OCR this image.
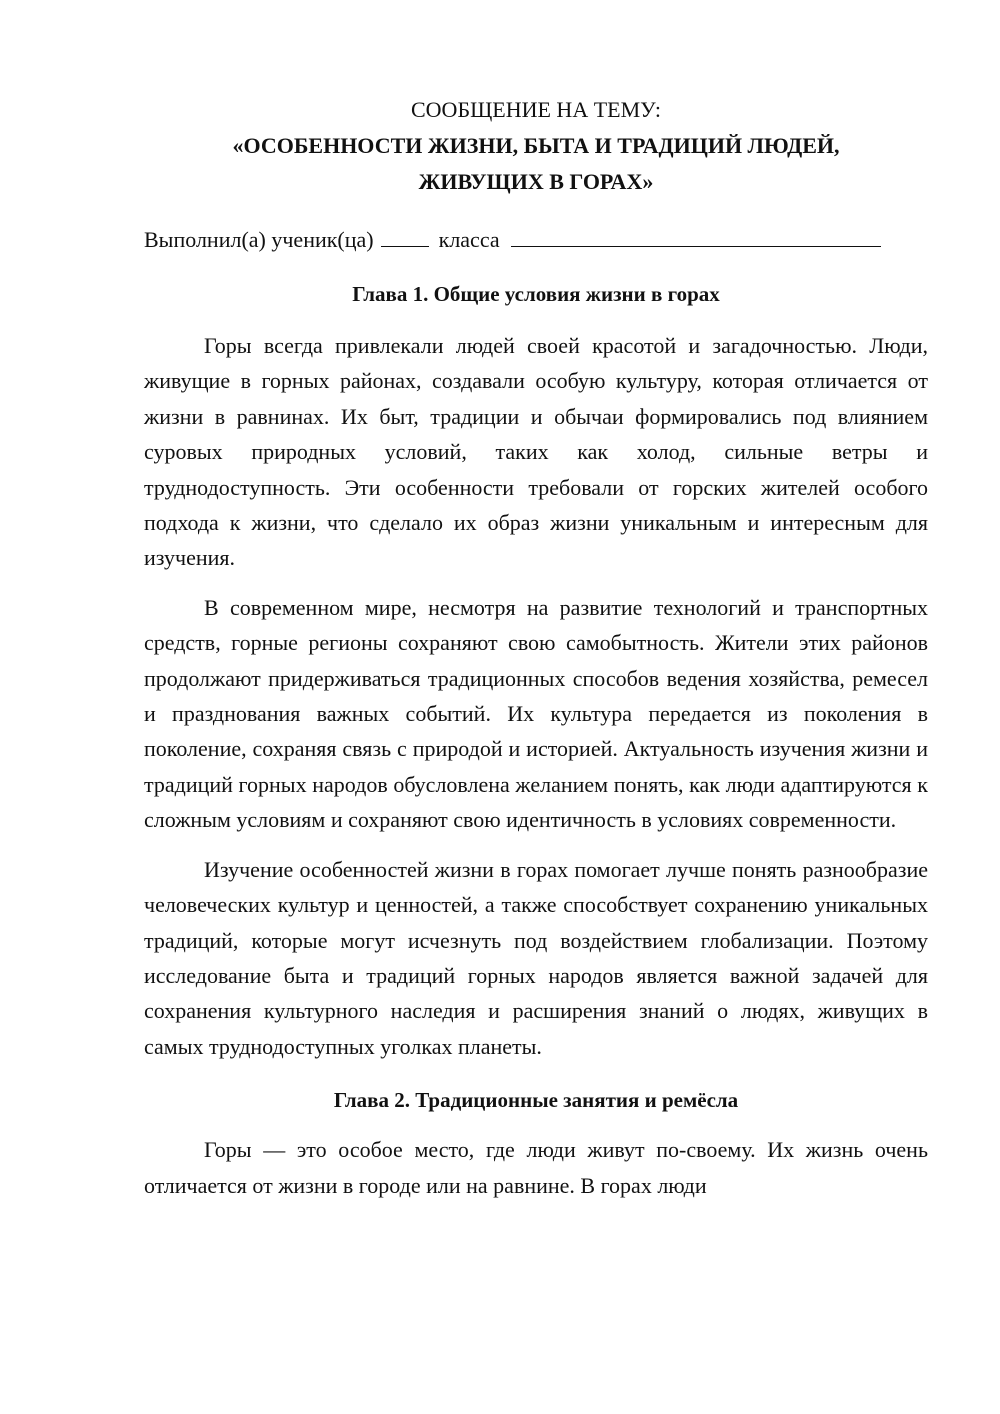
СООБЩЕНИЕ НА ТЕМУ:

«ОСОБЕННОСТИ ЖИЗНИ, БЫТА И ТРАДИЦИЙ ЛЮДЕЙ,

ЖИВУЩИХ В ГОРАХ»

Выполнил(а) ученик(ца)	класса

Глава 1. Общие условия жизни в горах

Горы всегда привлекали людей своей красотой и загадочностью. Люди, живущие в горных районах, создавали особую культуру, которая отличается от жизни в равнинах. Их быт, традиции и обычаи формировались под влиянием суровых природных условий, таких как холод, сильные ветры и труднодоступность. Эти особенности требовали от горских жителей особого подхода к жизни, что сделало их образ жизни уникальным и интересным для изучения.

В современном мире, несмотря на развитие технологий и транспортных средств, горные регионы сохраняют свою самобытность. Жители этих районов продолжают придерживаться традиционных способов ведения хозяйства, ремесел и празднования важных событий. Их культура передается из поколения в поколение, сохраняя связь с природой и историей. Актуальность изучения жизни и традиций горных народов обусловлена желанием понять, как люди адаптируются к сложным условиям и сохраняют свою идентичность в условиях современности.

Изучение особенностей жизни в горах помогает лучше понять разнообразие человеческих культур и ценностей, а также способствует сохранению уникальных традиций, которые могут исчезнуть под воздействием глобализации. Поэтому исследование быта и традиций горных народов является важной задачей для сохранения культурного наследия и расширения знаний о людях, живущих в самых труднодоступных уголках планеты.

Глава 2. Традиционные занятия и ремёсла

Горы — это особое место, где люди живут по-своему. Их жизнь очень отличается от жизни в городе или на равнине. В горах люди
